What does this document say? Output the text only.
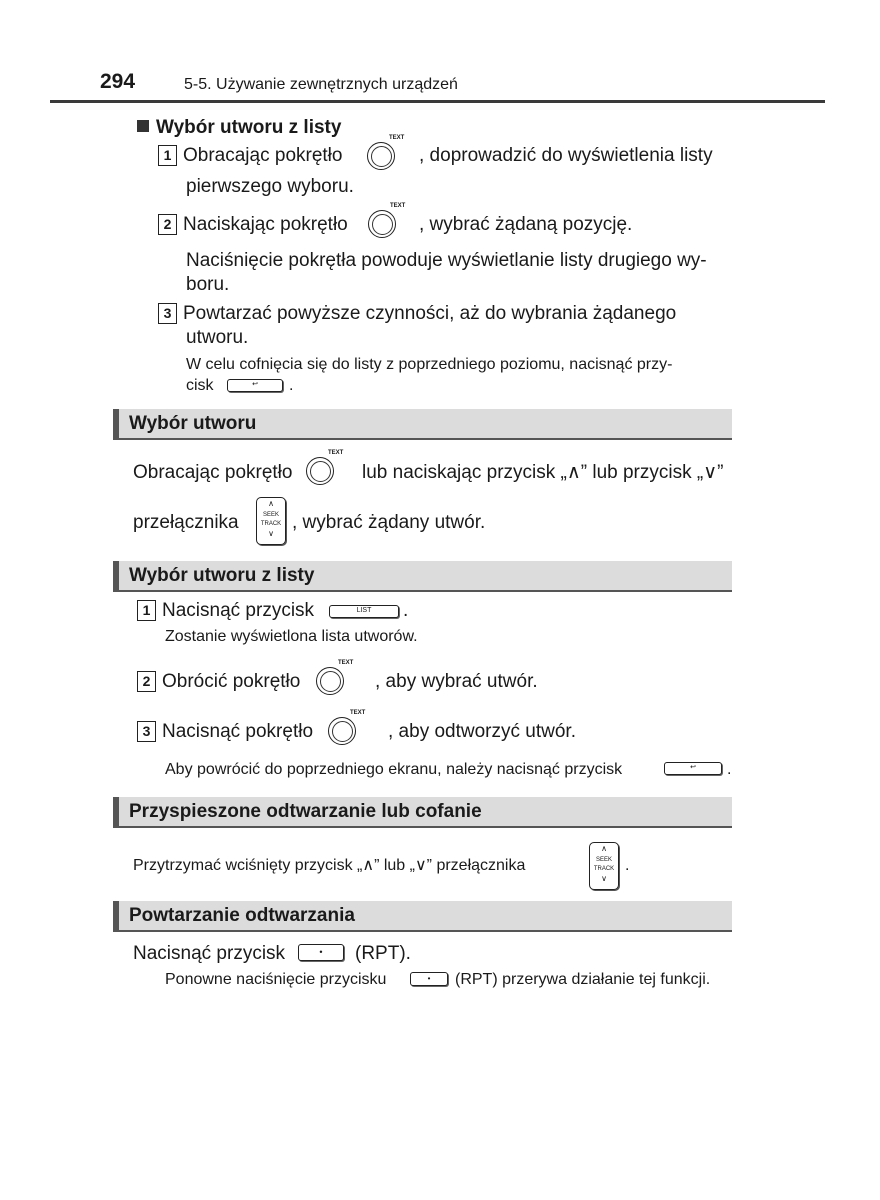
294	5-5. Używanie zewnętrznych urządzeń
Wybór utworu z listy
1 Obracając pokrętło
TEXT
, doprowadzić do wyświetlenia listy
pierwszego wyboru.
2 Naciskając pokrętło
TEXT
, wybrać żądaną pozycję.
Naciśnięcie pokrętła powoduje wyświetlanie listy drugiego wy-
boru.
3 Powtarzać powyższe czynności, aż do wybrania żądanego
utworu.
W celu cofnięcia się do listy z poprzedniego poziomu, nacisnąć przy-
cisk	↩	.
Wybór utworu
Obracając pokrętło
TEXT
lub naciskając przycisk „∧” lub przycisk „∨”
przełącznika
∧
SEEK
TRACK
∨
, wybrać żądany utwór.
Wybór utworu z listy
1 Nacisnąć przycisk	LIST	.
Zostanie wyświetlona lista utworów.
2 Obrócić pokrętło
TEXT
, aby wybrać utwór.
3 Nacisnąć pokrętło
TEXT
, aby odtworzyć utwór.
Aby powrócić do poprzedniego ekranu, należy nacisnąć przycisk	↩	.
Przyspieszone odtwarzanie lub cofanie
Przytrzymać wciśnięty przycisk „∧” lub „∨” przełącznika
∧
SEEK
TRACK
∨
.
Powtarzanie odtwarzania
Nacisnąć przycisk	•	(RPT).
Ponowne naciśnięcie przycisku	•	(RPT) przerywa działanie tej funkcji.
